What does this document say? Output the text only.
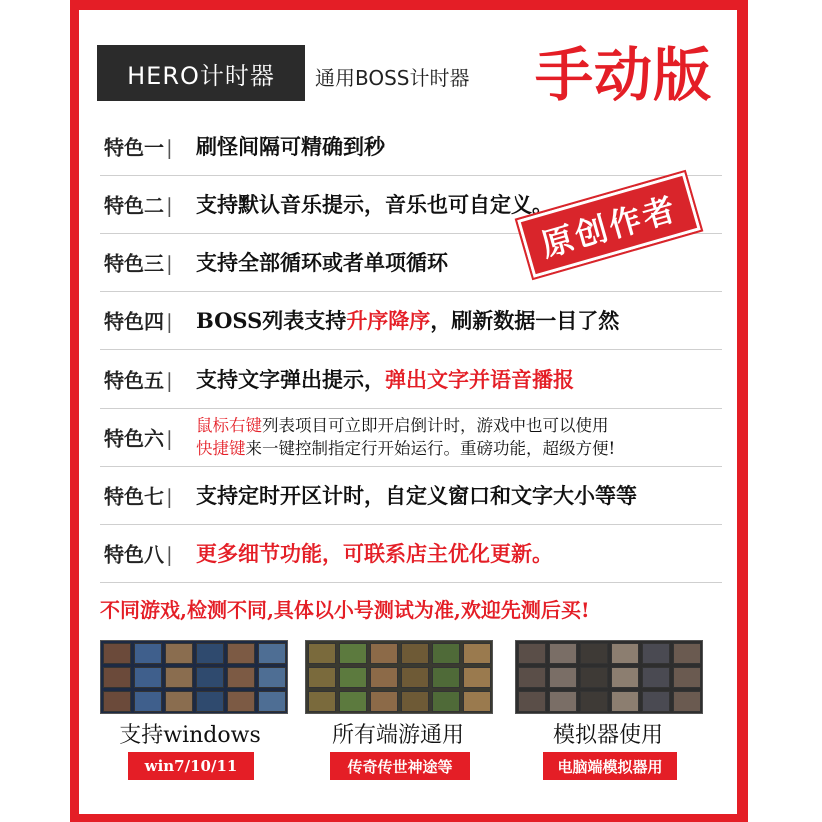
HERO计时器	通用BOSS计时器 手动版
特色一 | 刷怪间隔可精确到秒
特色二 | 支持默认音乐提示，音乐也可自定义。
特色三 | 支持全部循环或者单项循环
特色四 | BOSS列表支持升序降序，刷新数据一目了然
特色五 | 支持文字弹出提示，弹出文字并语音播报
特色六 |
鼠标右键列表项目可立即开启倒计时，游戏中也可以使用
快捷键来一键控制指定行开始运行。重磅功能，超级方便!
特色七 | 支持定时开区计时，自定义窗口和文字大小等等
特色八 | 更多细节功能，可联系店主优化更新。
原创作者
不同游戏,检测不同,具体以小号测试为准,欢迎先测后买!
支持windows	所有端游通用	模拟器使用
win7/10/11	传奇传世神途等	电脑端模拟器用
